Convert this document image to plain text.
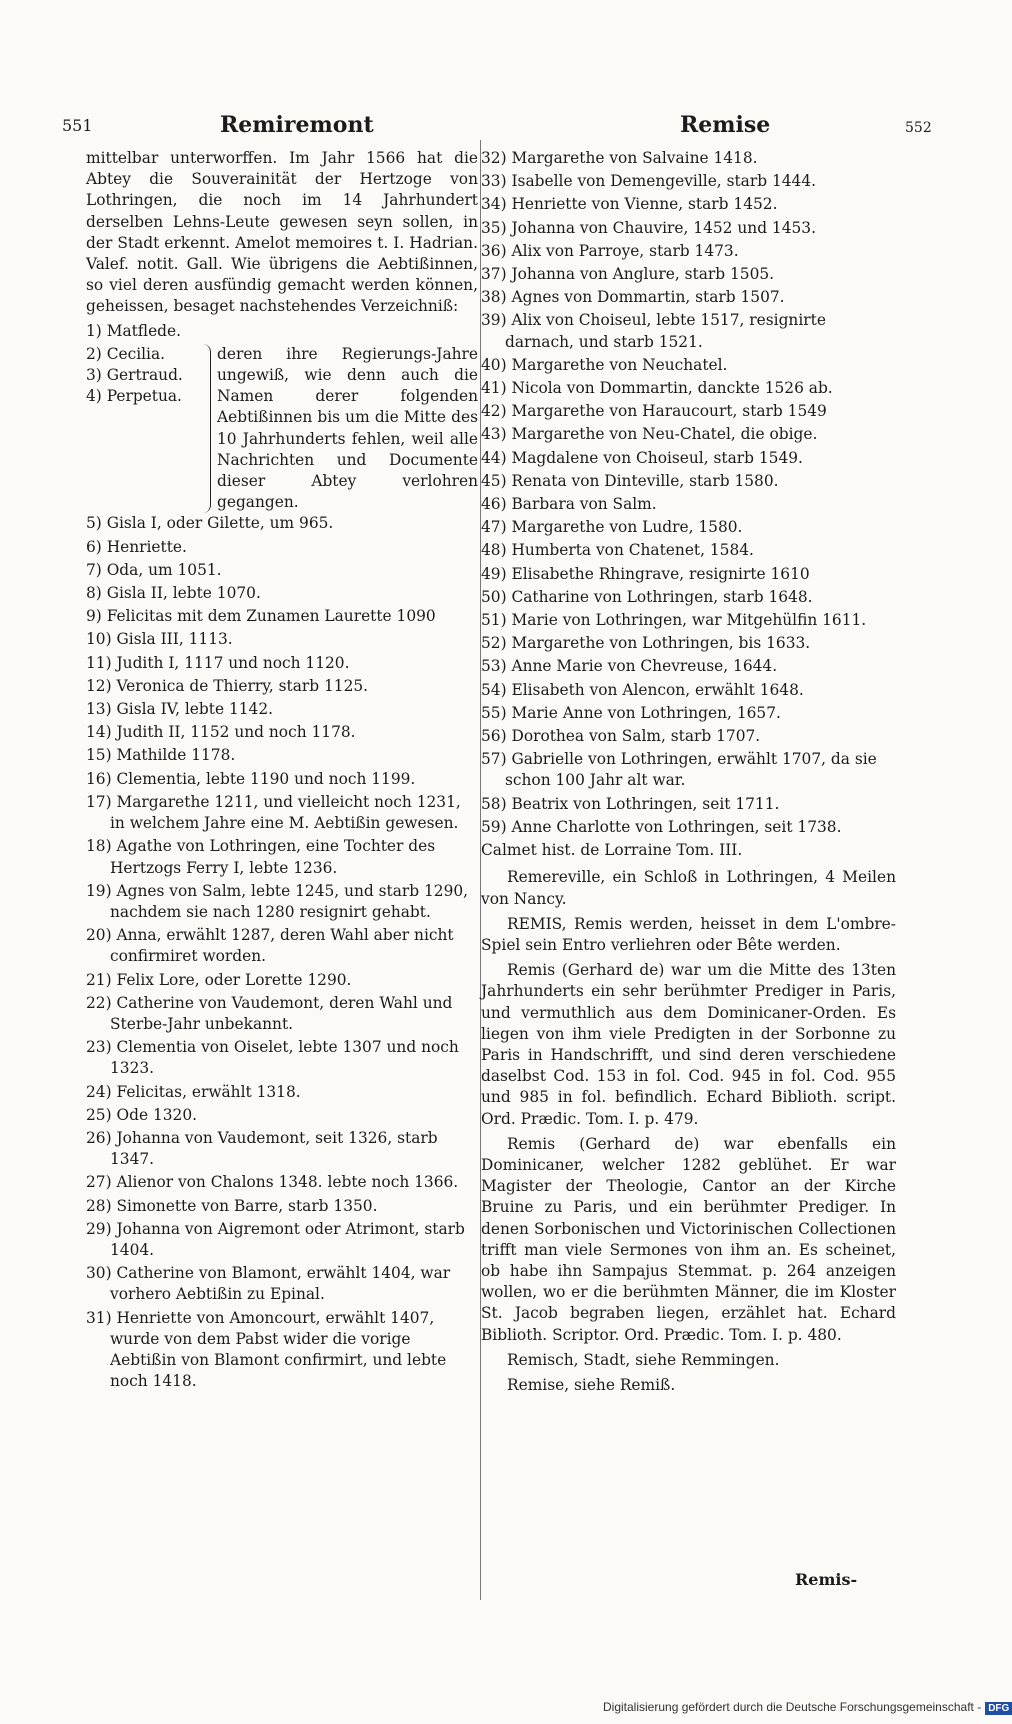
551	Remiremont	Remise	552
mittelbar unterworffen. Im Jahr 1566 hat die Abtey die Souverainität der Hertzoge von Lothringen, die noch im 14 Jahrhundert derselben Lehns-Leute gewesen seyn sollen, in der Stadt erkennt. Amelot memoires t. I. Hadrian. Valef. notit. Gall. Wie übrigens die Aebtißinnen, so viel deren ausfündig gemacht werden können, geheissen, besaget nachstehendes Verzeichniß:
1) Matflede.
2) Cecilia.
3) Gertraud.
4) Perpetua.
deren ihre Regierungs-Jahre ungewiß, wie denn auch die Namen derer folgenden Aebtißinnen bis um die Mitte des 10 Jahrhunderts fehlen, weil alle Nachrichten und Documente dieser Abtey verlohren gegangen.
5) Gisla I, oder Gilette, um 965.
6) Henriette.
7) Oda, um 1051.
8) Gisla II, lebte 1070.
9) Felicitas mit dem Zunamen Laurette 1090
10) Gisla III, 1113.
11) Judith I, 1117 und noch 1120.
12) Veronica de Thierry, starb 1125.
13) Gisla IV, lebte 1142.
14) Judith II, 1152 und noch 1178.
15) Mathilde 1178.
16) Clementia, lebte 1190 und noch 1199.
17) Margarethe 1211, und vielleicht noch 1231, in welchem Jahre eine M. Aebtißin gewesen.
18) Agathe von Lothringen, eine Tochter des Hertzogs Ferry I, lebte 1236.
19) Agnes von Salm, lebte 1245, und starb 1290, nachdem sie nach 1280 resignirt gehabt.
20) Anna, erwählt 1287, deren Wahl aber nicht confirmiret worden.
21) Felix Lore, oder Lorette 1290.
22) Catherine von Vaudemont, deren Wahl und Sterbe-Jahr unbekannt.
23) Clementia von Oiselet, lebte 1307 und noch 1323.
24) Felicitas, erwählt 1318.
25) Ode 1320.
26) Johanna von Vaudemont, seit 1326, starb 1347.
27) Alienor von Chalons 1348. lebte noch 1366.
28) Simonette von Barre, starb 1350.
29) Johanna von Aigremont oder Atrimont, starb 1404.
30) Catherine von Blamont, erwählt 1404, war vorhero Aebtißin zu Epinal.
31) Henriette von Amoncourt, erwählt 1407, wurde von dem Pabst wider die vorige Aebtißin von Blamont confirmirt, und lebte noch 1418.
32) Margarethe von Salvaine 1418.
33) Isabelle von Demengeville, starb 1444.
34) Henriette von Vienne, starb 1452.
35) Johanna von Chauvire, 1452 und 1453.
36) Alix von Parroye, starb 1473.
37) Johanna von Anglure, starb 1505.
38) Agnes von Dommartin, starb 1507.
39) Alix von Choiseul, lebte 1517, resignirte darnach, und starb 1521.
40) Margarethe von Neuchatel.
41) Nicola von Dommartin, danckte 1526 ab.
42) Margarethe von Haraucourt, starb 1549
43) Margarethe von Neu-Chatel, die obige.
44) Magdalene von Choiseul, starb 1549.
45) Renata von Dinteville, starb 1580.
46) Barbara von Salm.
47) Margarethe von Ludre, 1580.
48) Humberta von Chatenet, 1584.
49) Elisabethe Rhingrave, resignirte 1610
50) Catharine von Lothringen, starb 1648.
51) Marie von Lothringen, war Mitgehülfin 1611.
52) Margarethe von Lothringen, bis 1633.
53) Anne Marie von Chevreuse, 1644.
54) Elisabeth von Alencon, erwählt 1648.
55) Marie Anne von Lothringen, 1657.
56) Dorothea von Salm, starb 1707.
57) Gabrielle von Lothringen, erwählt 1707, da sie schon 100 Jahr alt war.
58) Beatrix von Lothringen, seit 1711.
59) Anne Charlotte von Lothringen, seit 1738.
Calmet hist. de Lorraine Tom. III.
Remereville, ein Schloß in Lothringen, 4 Meilen von Nancy.
REMIS, Remis werden, heisset in dem L'ombre-Spiel sein Entro verliehren oder Bête werden.
Remis (Gerhard de) war um die Mitte des 13ten Jahrhunderts ein sehr berühmter Prediger in Paris, und vermuthlich aus dem Dominicaner-Orden. Es liegen von ihm viele Predigten in der Sorbonne zu Paris in Handschrifft, und sind deren verschiedene daselbst Cod. 153 in fol. Cod. 945 in fol. Cod. 955 und 985 in fol. befindlich. Echard Biblioth. script. Ord. Prædic. Tom. I. p. 479.
Remis (Gerhard de) war ebenfalls ein Dominicaner, welcher 1282 geblühet. Er war Magister der Theologie, Cantor an der Kirche Bruine zu Paris, und ein berühmter Prediger. In denen Sorbonischen und Victorinischen Collectionen trifft man viele Sermones von ihm an. Es scheinet, ob habe ihn Sampajus Stemmat. p. 264 anzeigen wollen, wo er die berühmten Männer, die im Kloster St. Jacob begraben liegen, erzählet hat. Echard Biblioth. Scriptor. Ord. Prædic. Tom. I. p. 480.
Remisch, Stadt, siehe Remmingen.
Remise, siehe Remiß.
Remis-
Digitalisierung gefördert durch die Deutsche Forschungsgemeinschaft - DFG
